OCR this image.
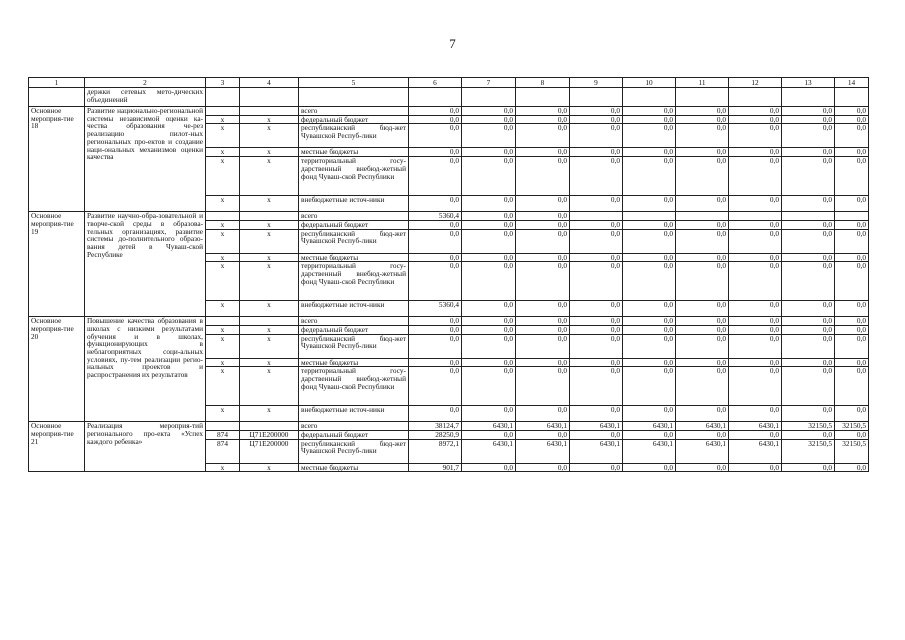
7
1	2	3	4	5	6	7	8	9	10	11	12	13	14
	держки сетевых мето-дических объединений												
Основное мероприя-тие 18	Развитие национально-региональной системы независимой оценки ка-чества образования че-рез реализацию пилот-ных региональных про-ектов и создание наци-ональных механизмов оценки качества			всего	0,0	0,0	0,0	0,0	0,0	0,0	0,0	0,0	0,0
		х	х	федеральный бюджет	0,0	0,0	0,0	0,0	0,0	0,0	0,0	0,0	0,0
		х	х	республиканский бюд-жет Чувашской Респуб-лики	0,0	0,0	0,0	0,0	0,0	0,0	0,0	0,0	0,0
		х	х	местные бюджеты	0,0	0,0	0,0	0,0	0,0	0,0	0,0	0,0	0,0
		х	х	территориальный госу-дарственный внебюд-жетный фонд Чуваш-ской Республики	0,0	0,0	0,0	0,0	0,0	0,0	0,0	0,0	0,0
		х	х	внебюджетные источ-ники	0,0	0,0	0,0	0,0	0,0	0,0	0,0	0,0	0,0
Основное мероприя-тие 19	Развитие научно-обра-зовательной и творче-ской среды в образова-тельных организациях, развитие системы до-полнительного образо-вания детей в Чуваш-ской Республике			всего	5360,4	0,0	0,0						
		х	х	федеральный бюджет	0,0	0,0	0,0	0,0	0,0	0,0	0,0	0,0	0,0
		х	х	республиканский бюд-жет Чувашской Респуб-лики	0,0	0,0	0,0	0,0	0,0	0,0	0,0	0,0	0,0
		х	х	местные бюджеты	0,0	0,0	0,0	0,0	0,0	0,0	0,0	0,0	0,0
		х	х	территориальный госу-дарственный внебюд-жетный фонд Чуваш-ской Республики	0,0	0,0	0,0	0,0	0,0	0,0	0,0	0,0	0,0
		х	х	внебюджетные источ-ники	5360,4	0,0	0,0	0,0	0,0	0,0	0,0	0,0	0,0
Основное мероприя-тие 20	Повышение качества образования в школах с низкими результатами обучения и в школах, функционирующих в неблагоприятных соци-альных условиях, пу-тем реализации регио-нальных проектов и распространения их результатов			всего	0,0	0,0	0,0	0,0	0,0	0,0	0,0	0,0	0,0
		х	х	федеральный бюджет	0,0	0,0	0,0	0,0	0,0	0,0	0,0	0,0	0,0
		х	х	республиканский бюд-жет Чувашской Респуб-лики	0,0	0,0	0,0	0,0	0,0	0,0	0,0	0,0	0,0
		х	х	местные бюджеты	0,0	0,0	0,0	0,0	0,0	0,0	0,0	0,0	0,0
		х	х	территориальный госу-дарственный внебюд-жетный фонд Чуваш-ской Республики	0,0	0,0	0,0	0,0	0,0	0,0	0,0	0,0	0,0
		х	х	внебюджетные источ-ники	0,0	0,0	0,0	0,0	0,0	0,0	0,0	0,0	0,0
Основное мероприя-тие 21	Реализация мероприя-тий регионального про-екта «Успех каждого ребенка»			всего	38124,7	6430,1	6430,1	6430,1	6430,1	6430,1	6430,1	32150,5	32150,5
		874	Ц71Е200000	федеральный бюджет	28250,9	0,0	0,0	0,0	0,0	0,0	0,0	0,0	0,0
		874	Ц71Е200000	республиканский бюд-жет Чувашской Респуб-лики	8972,1	6430,1	6430,1	6430,1	6430,1	6430,1	6430,1	32150,5	32150,5
		х	х	местные бюджеты	901,7	0,0	0,0	0,0	0,0	0,0	0,0	0,0	0,0
